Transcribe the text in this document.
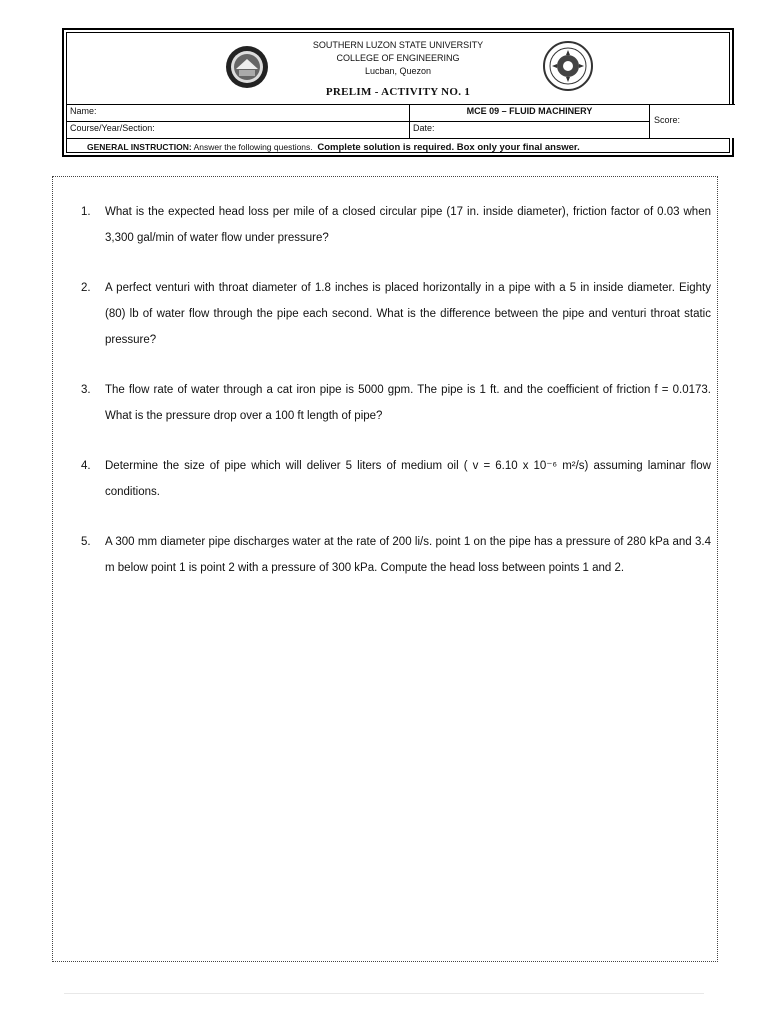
SOUTHERN LUZON STATE UNIVERSITY
COLLEGE OF ENGINEERING
Lucban, Quezon
PRELIM - ACTIVITY NO. 1
Name:	MCE 09 – FLUID MACHINERY
Course/Year/Section:	Date:
Score:
GENERAL INSTRUCTION: Answer the following questions. Complete solution is required. Box only your final answer.
1.	What is the expected head loss per mile of a closed circular pipe (17 in. inside diameter), friction factor of 0.03 when 3,300 gal/min of water flow under pressure?
2.	A perfect venturi with throat diameter of 1.8 inches is placed horizontally in a pipe with a 5 in inside diameter. Eighty (80) lb of water flow through the pipe each second. What is the difference between the pipe and venturi throat static pressure?
3.	The flow rate of water through a cat iron pipe is 5000 gpm. The pipe is 1 ft. and the coefficient of friction f = 0.0173. What is the pressure drop over a 100 ft length of pipe?
4.	Determine the size of pipe which will deliver 5 liters of medium oil ( v = 6.10 x 10⁻⁶ m²/s) assuming laminar flow conditions.
5.	A 300 mm diameter pipe discharges water at the rate of 200 li/s. point 1 on the pipe has a pressure of 280 kPa and 3.4 m below point 1 is point 2 with a pressure of 300 kPa. Compute the head loss between points 1 and 2.
